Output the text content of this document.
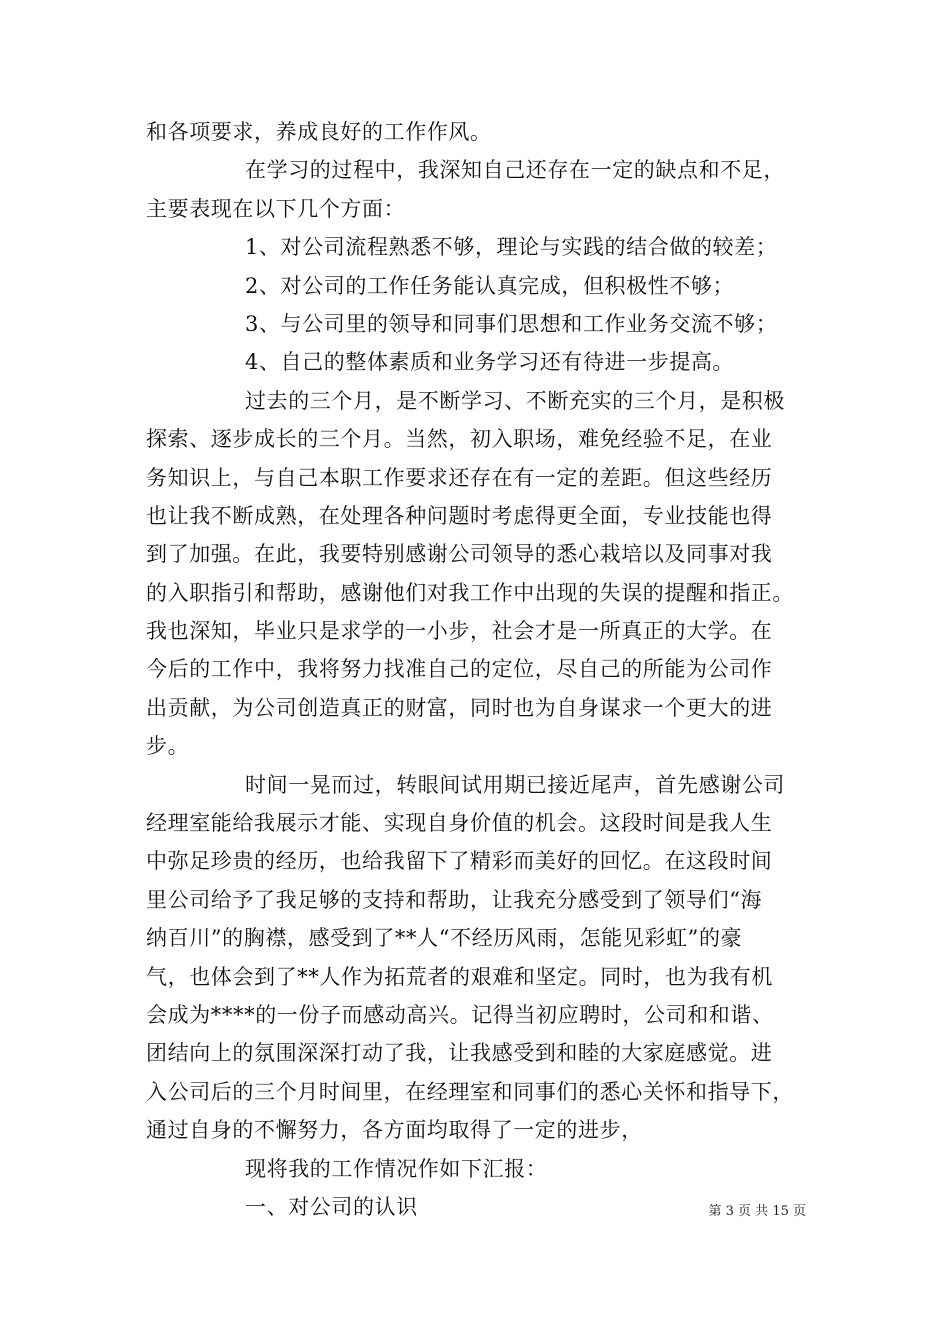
和各项要求，养成良好的工作作风。
在学习的过程中，我深知自己还存在一定的缺点和不足，
主要表现在以下几个方面：
1、对公司流程熟悉不够，理论与实践的结合做的较差；
2、对公司的工作任务能认真完成，但积极性不够；
3、与公司里的领导和同事们思想和工作业务交流不够；
4、自己的整体素质和业务学习还有待进一步提高。
过去的三个月，是不断学习、不断充实的三个月，是积极
探索、逐步成长的三个月。当然，初入职场，难免经验不足，在业
务知识上，与自己本职工作要求还存在有一定的差距。但这些经历
也让我不断成熟，在处理各种问题时考虑得更全面，专业技能也得
到了加强。在此，我要特别感谢公司领导的悉心栽培以及同事对我
的入职指引和帮助，感谢他们对我工作中出现的失误的提醒和指正。
我也深知，毕业只是求学的一小步，社会才是一所真正的大学。在
今后的工作中，我将努力找准自己的定位，尽自己的所能为公司作
出贡献，为公司创造真正的财富，同时也为自身谋求一个更大的进
步。
时间一晃而过，转眼间试用期已接近尾声，首先感谢公司
经理室能给我展示才能、实现自身价值的机会。这段时间是我人生
中弥足珍贵的经历，也给我留下了精彩而美好的回忆。在这段时间
里公司给予了我足够的支持和帮助，让我充分感受到了领导们“海
纳百川”的胸襟，感受到了**人“不经历风雨，怎能见彩虹”的豪
气，也体会到了**人作为拓荒者的艰难和坚定。同时，也为我有机
会成为****的一份子而感动高兴。记得当初应聘时，公司和和谐、
团结向上的氛围深深打动了我，让我感受到和睦的大家庭感觉。进
入公司后的三个月时间里，在经理室和同事们的悉心关怀和指导下，
通过自身的不懈努力，各方面均取得了一定的进步，
现将我的工作情况作如下汇报：
一、对公司的认识	第 3 页 共 15 页
